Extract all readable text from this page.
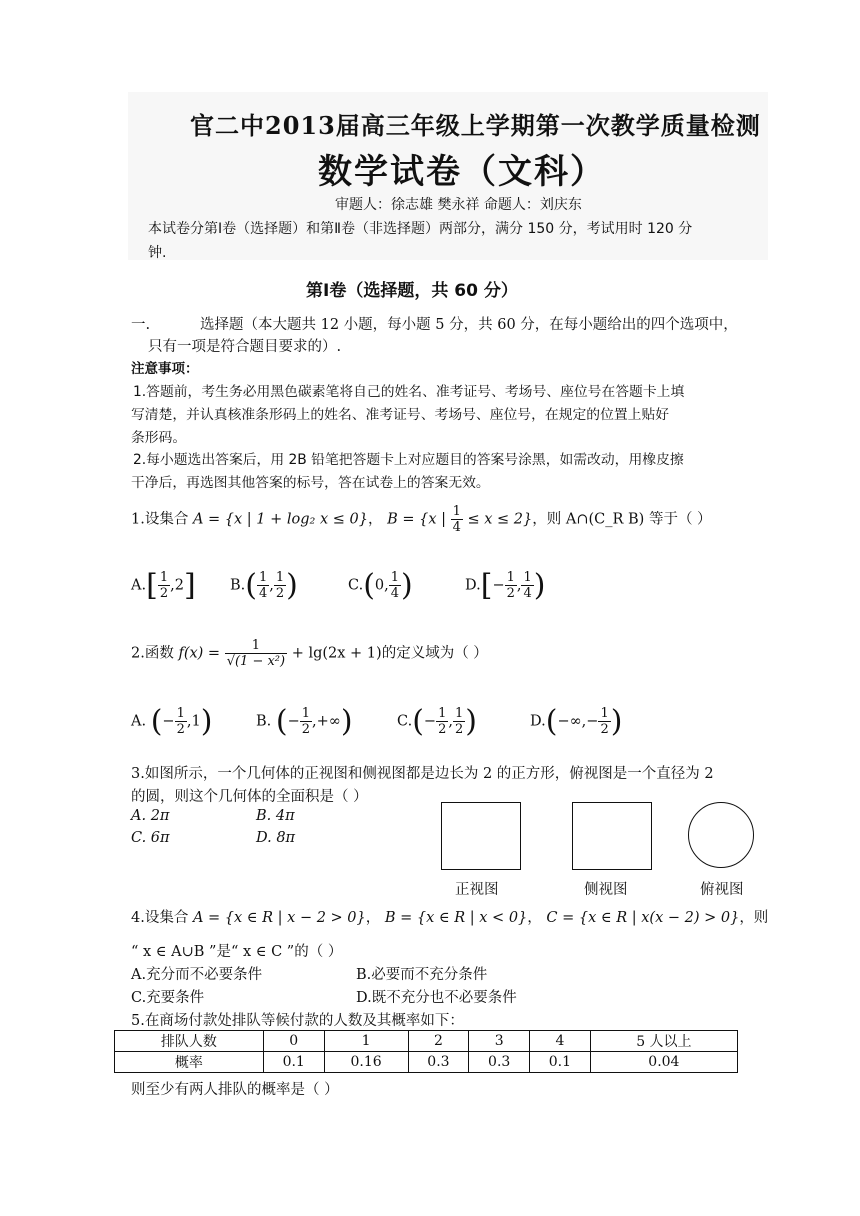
官二中2013届高三年级上学期第一次教学质量检测
数学试卷（文科）
审题人：徐志雄 樊永祥 命题人：刘庆东
本试卷分第Ⅰ卷（选择题）和第Ⅱ卷（非选择题）两部分，满分 150 分，考试用时 120 分
钟.
第Ⅰ卷（选择题，共 60 分）
一.	选择题（本大题共 12 小题，每小题 5 分，共 60 分，在每小题给出的四个选项中，
只有一项是符合题目要求的）.
注意事项：
1.答题前，考生务必用黑色碳素笔将自己的姓名、准考证号、考场号、座位号在答题卡上填
写清楚，并认真核准条形码上的姓名、准考证号、考场号、座位号，在规定的位置上贴好
条形码。
2.每小题选出答案后，用 2B 铅笔把答题卡上对应题目的答案号涂黑，如需改动，用橡皮擦
干净后，再选图其他答案的标号，答在试卷上的答案无效。
1.设集合 A = {x | 1 + log₂ x ≤ 0}， B = {x | $\frac{1}{4} \le x \le 2$}，则 A∩(C_R B) 等于（ ）
$A.[ \frac{1}{2} ,2]$ $B.( \frac{1}{4}$ , $\frac{1}{2}$ )	C.(0, $\frac{1}{4}$ )	$D.[- \frac{1}{2}$ , $\frac{1}{4}$ )
2.函数 $f(x) = \frac{1}{\text{√(1 − x²)}} + \lg(2x + 1)$的定义域为（ ）
A. (− $\frac{1}{2} ,1$)	B. (− $\frac{1}{2}$ ,+∞)	$C.(- \frac{1}{2}$ , $\frac{1}{2}$ )	$D.(-\infty,- \frac{1}{2}$ )
3.如图所示，一个几何体的正视图和侧视图都是边长为 2 的正方形，俯视图是一个直径为 2
的圆，则这个几何体的全面积是（ ）
A. 2π	B. 4π
C. 6π	D. 8π
正视图	侧视图	俯视图
4.设集合 A = {x ∈ R | x − 2 > 0}， B = {x ∈ R | x < 0}， C = {x ∈ R | x(x − 2) > 0}，则
“ x ∈ A∪B ”是“ x ∈ C ”的（ ）
A.充分而不必要条件	B.必要而不充分条件
C.充要条件	D.既不充分也不必要条件
5.在商场付款处排队等候付款的人数及其概率如下：
排队人数	0	1	2	3	4	5 人以上
概率	0.1	0.16	0.3	0.3	0.1	0.04
则至少有两人排队的概率是（ ）
